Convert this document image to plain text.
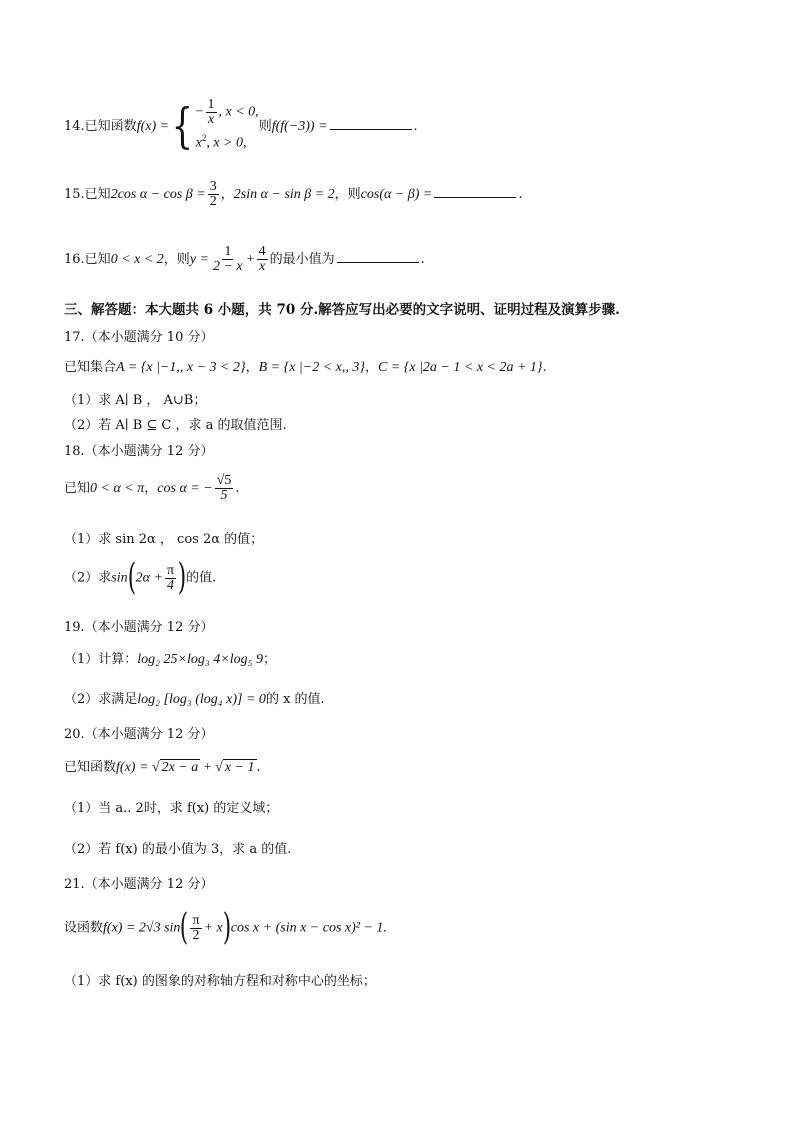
14.已知函数f(x) ={ − $\frac{1}{x}$ , x < 0,
$x^2$, x > 0,
则f(f(−3)) =	.
15.已知2cos $\alpha - \cos \beta = \frac{3}{2}$ ，2sin α − sin β = 2，则cos(α − β) =	.
16.已知0 < x < 2，则$y = \frac{1}{2 - x} + \frac{4}{x}$ 的最小值为	.
三、解答题：本大题共 6 小题，共 70 分.解答应写出必要的文字说明、证明过程及演算步骤.
17.（本小题满分 10 分）
已知集合A = {x |−1,, x − 3 < 2}，B = {x |−2 < x,, 3}，C = {x |2a − 1 < x < 2a + 1}.
（1）求 A∣ B ， A∪B；
（2）若 A∣ B ⊆ C ，求 a 的取值范围.
18.（本小题满分 12 分）
已知0 < α < π，cos α = − $\frac{√5}{5}$ .
（1）求 sin 2α ， cos 2α 的值；
（2）求$\sin(2\alpha + \frac{\pi}{4}$ )的值.
19.（本小题满分 12 分）
（1）计算：log₂ 25×log₃ 4×log₅ 9；
（2）求满足log₂ [log₃ (log₄ x)] = 0的 x 的值.
20.（本小题满分 12 分）
已知函数f(x) = √ 2x − a + √ x − 1 .
（1）当 a.. 2时，求 f(x) 的定义域；
（2）若 f(x) 的最小值为 3，求 a 的值.
21.（本小题满分 12 分）
设函数f(x) = 2√3 $\sin( \frac{\pi}{2} + x)\cos$ x + (sin x − cos x)² − 1.
（1）求 f(x) 的图象的对称轴方程和对称中心的坐标；
